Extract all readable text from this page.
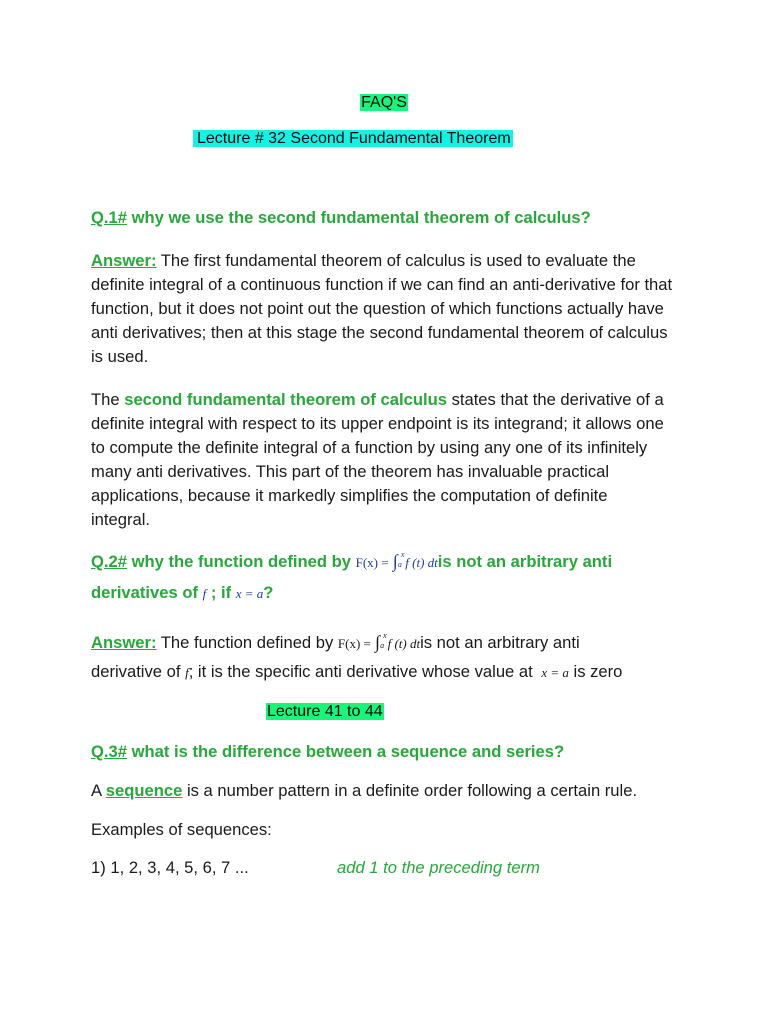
FAQ'S
Lecture # 32 Second Fundamental Theorem
Q.1# why we use the second fundamental theorem of calculus?
Answer: The first fundamental theorem of calculus is used to evaluate the definite integral of a continuous function if we can find an anti-derivative for that function, but it does not point out the question of which functions actually have anti derivatives; then at this stage the second fundamental theorem of calculus is used.
The second fundamental theorem of calculus states that the derivative of a definite integral with respect to its upper endpoint is its integrand; it allows one to compute the definite integral of a function by using any one of its infinitely many anti derivatives. This part of the theorem has invaluable practical applications, because it markedly simplifies the computation of definite integral.
Q.2# why the function defined by F(x) = ∫ x
a f (t) dtis not an arbitrary anti
derivatives of f ; if x = a?
Answer: The function defined by F(x) = ∫ x
a f (t) dtis not an arbitrary anti
derivative of f; it is the specific anti derivative whose value at x = a is zero
Lecture 41 to 44
Q.3# what is the difference between a sequence and series?
A sequence is a number pattern in a definite order following a certain rule.
Examples of sequences:
1) 1, 2, 3, 4, 5, 6, 7 ...	add 1 to the preceding term
